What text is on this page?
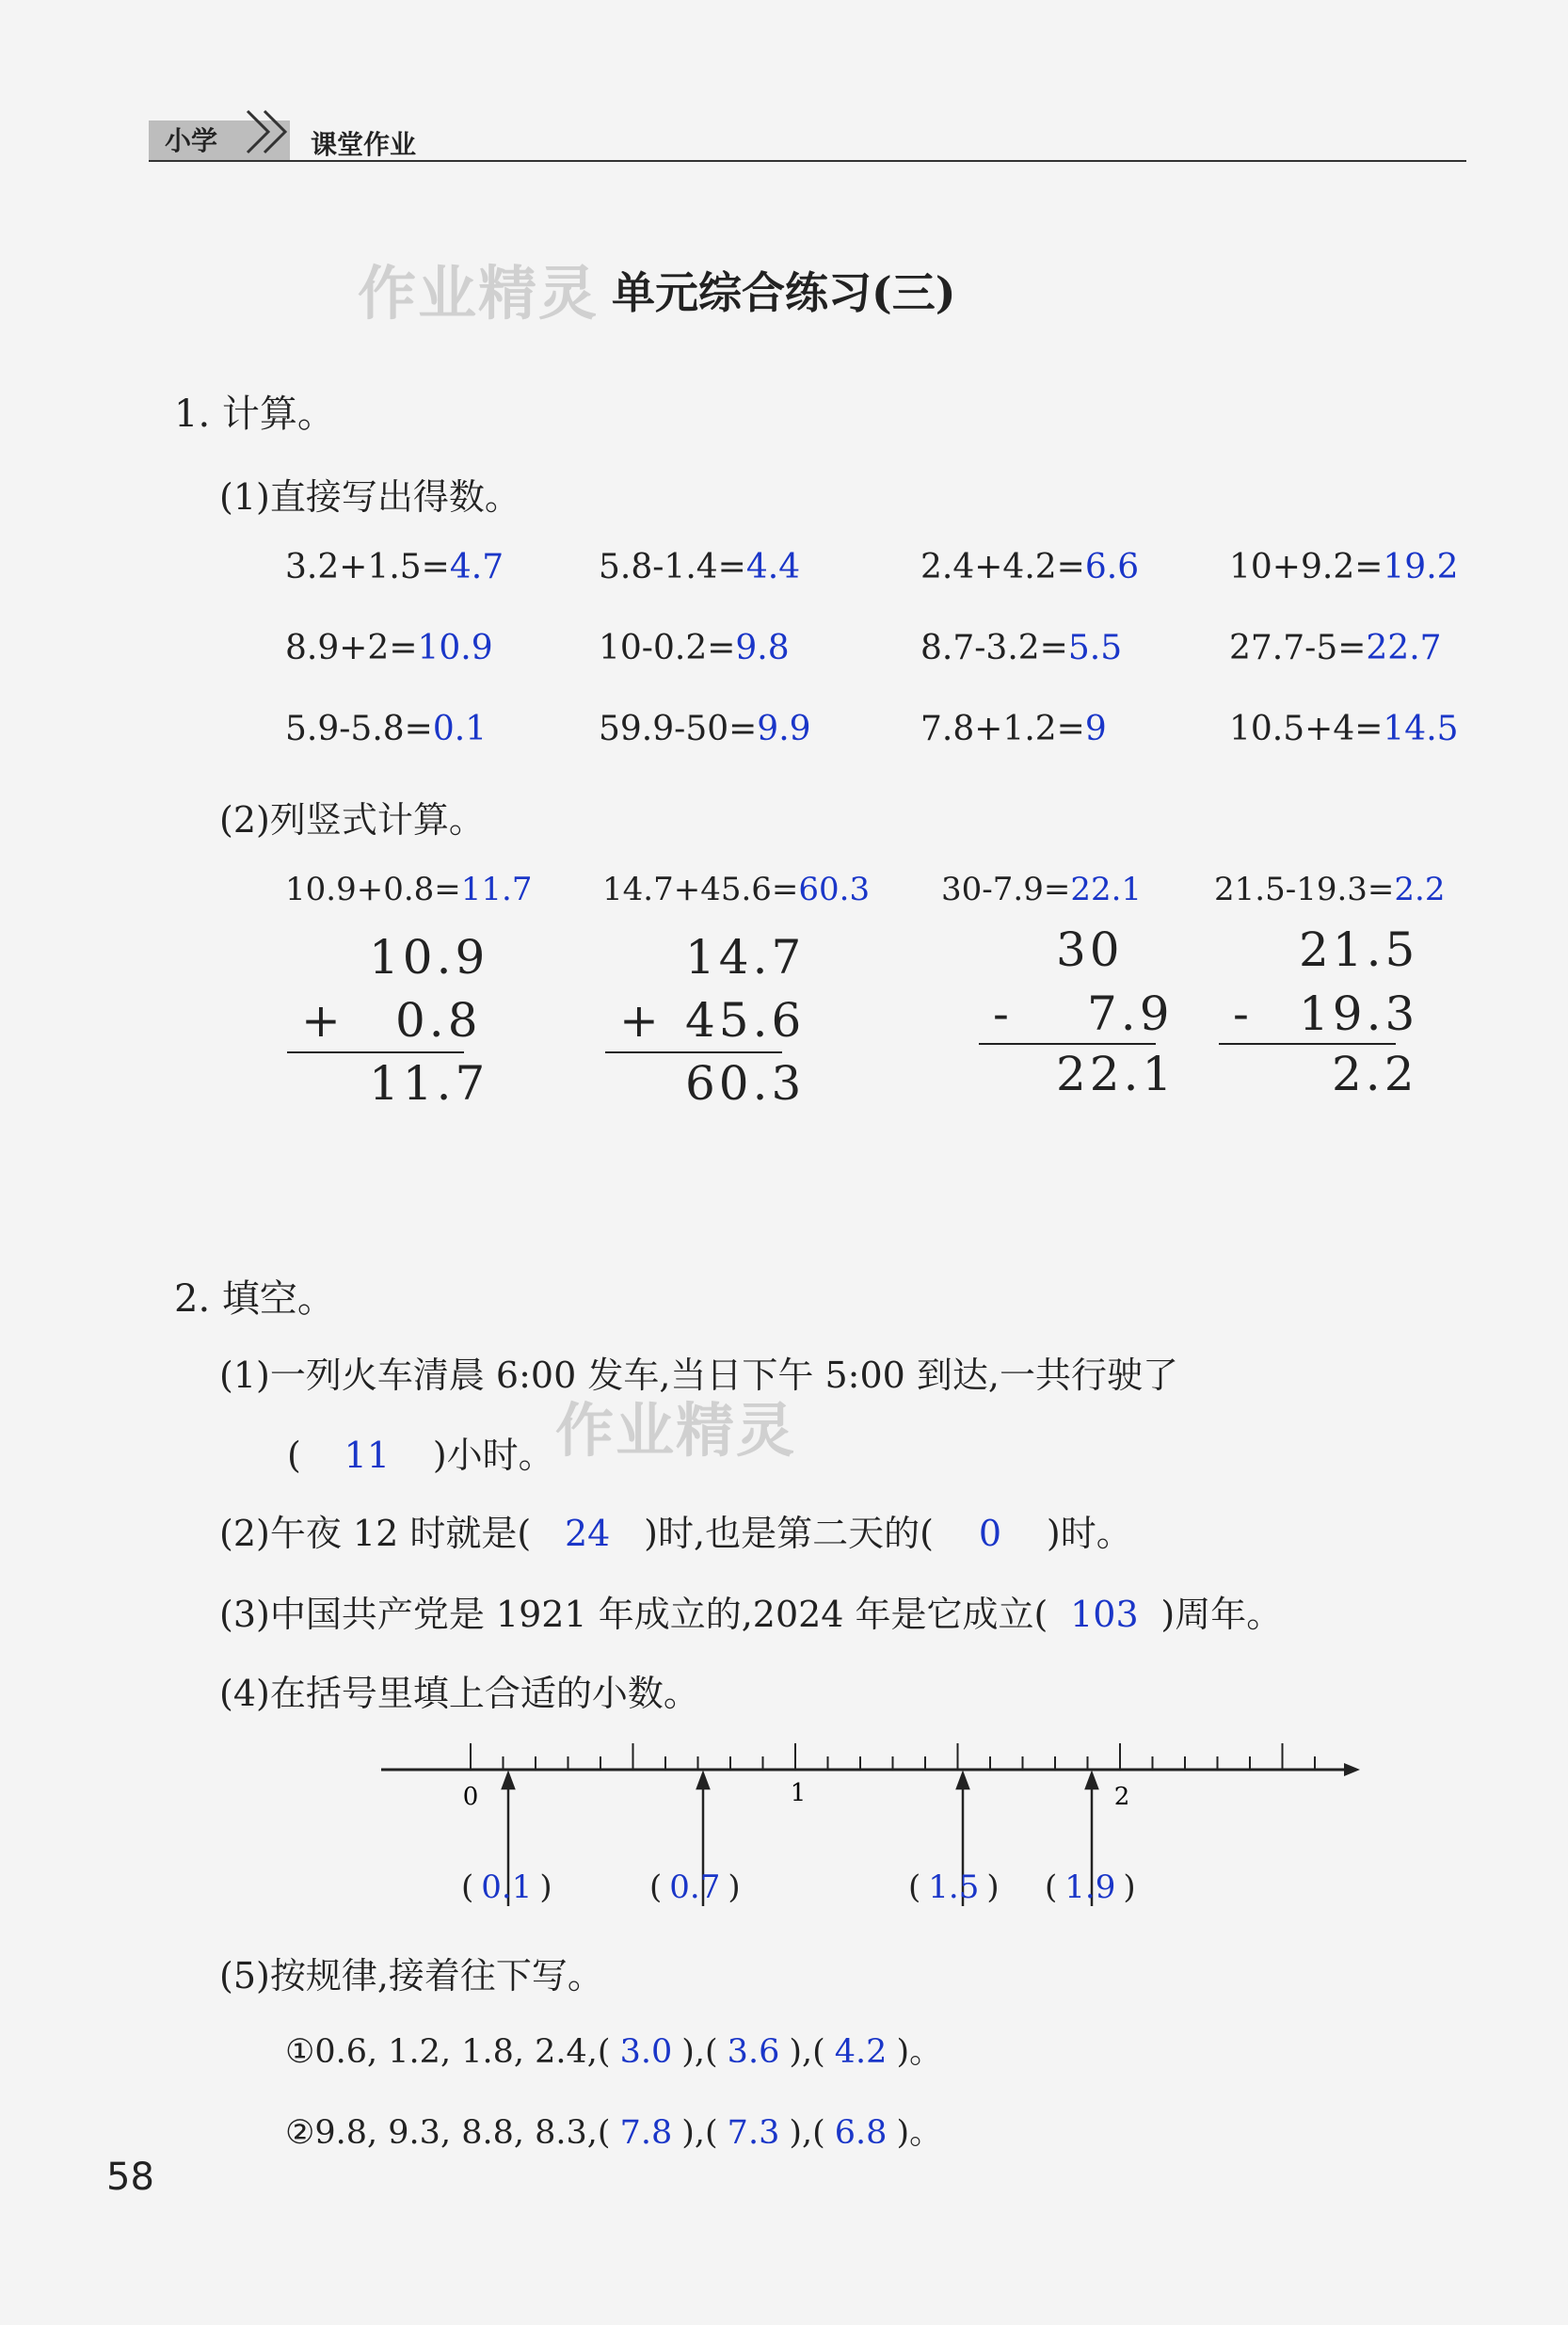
小学	课堂作业
作业精灵 单元综合练习(三)
作业精灵
1. 计算。
(1)直接写出得数。
3.2+1.5=4.7	5.8-1.4=4.4	2.4+4.2=6.6	10+9.2=19.2
8.9+2=10.9	10-0.2=9.8	8.7-3.2=5.5	27.7-5=22.7
5.9-5.8=0.1	59.9-50=9.9	7.8+1.2=9	10.5+4=14.5
(2)列竖式计算。
10.9+0.8=11.7 14.7+45.6=60.3 30-7.9=22.1 21.5-19.3=2.2
10.9
+ 0.8
11.7
14.7
+ 45.6
60.3
30
- 7.9
22.1
21.5
- 19.3
2.2
2. 填空。
(1)一列火车清晨 6:00 发车,当日下午 5:00 到达,一共行驶了
( 11 )小时。
(2)午夜 12 时就是( 24 )时,也是第二天的( 0 )时。
(3)中国共产党是 1921 年成立的,2024 年是它成立( 103 )周年。
(4)在括号里填上合适的小数。
0	1	2
( 0.1 )	( 0.7 )	( 1.5 ) ( 1.9 )
(5)按规律,接着往下写。
①0.6, 1.2, 1.8, 2.4,( 3.0 ),( 3.6 ),( 4.2 )。
②9.8, 9.3, 8.8, 8.3,( 7.8 ),( 7.3 ),( 6.8 )。
58
